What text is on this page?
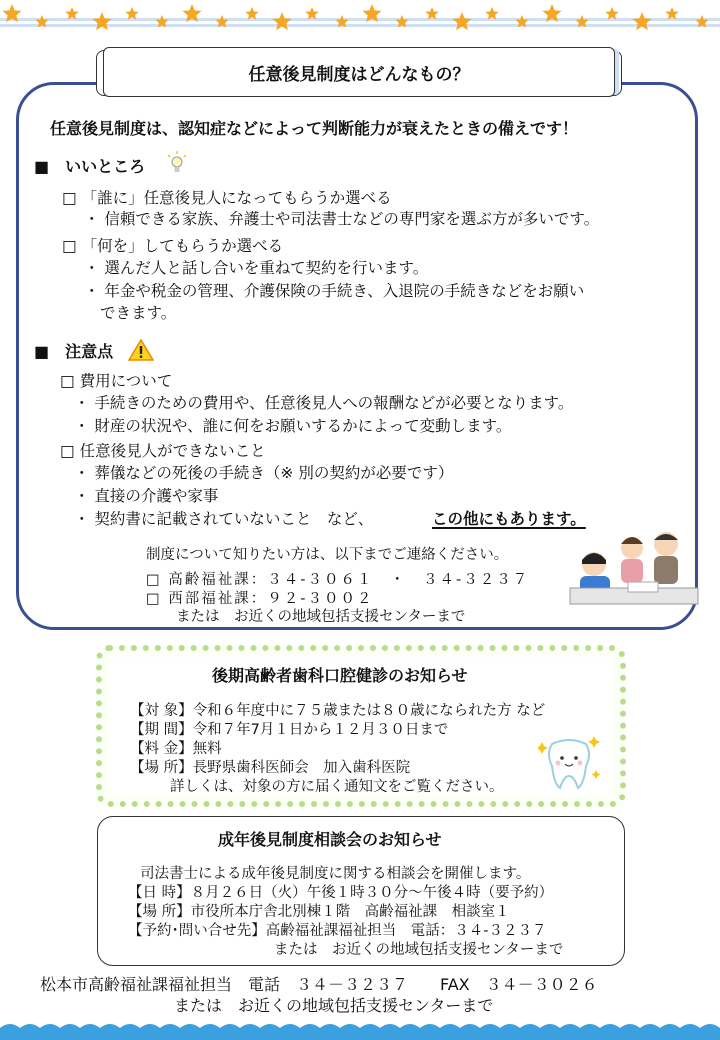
任意後見制度はどんなもの？
任意後見制度は、認知症などによって判断能力が衰えたときの備えです！
■　いいところ
□ 「誰に」任意後見人になってもらうか選べる
・ 信頼できる家族、弁護士や司法書士などの専門家を選ぶ方が多いです。
□ 「何を」してもらうか選べる
・ 選んだ人と話し合いを重ねて契約を行います。
・ 年金や税金の管理、介護保険の手続き、入退院の手続きなどをお願い
できます。
■　注意点
□ 費用について
・ 手続きのための費用や、任意後見人への報酬などが必要となります。
・ 財産の状況や、誰に何をお願いするかによって変動します。
□ 任意後見人ができないこと
・ 葬儀などの死後の手続き（※ 別の契約が必要です）
・ 直接の介護や家事
・ 契約書に記載されていないこと　など、	この他にもあります。
制度について知りたい方は、以下までご連絡ください。
□ 高齢福祉課：３４-３０６１　・　３４-３２３７
□ 西部福祉課：９２-３００２
または　お近くの地域包括支援センターまで
後期高齢者歯科口腔健診のお知らせ
【対 象】令和６年度中に７５歳または８０歳になられた方 など
【期 間】令和７年7月１日から１２月３０日まで
【料 金】無料
【場 所】長野県歯科医師会　加入歯科医院
詳しくは、対象の方に届く通知文をご覧ください。
成年後見制度相談会のお知らせ
司法書士による成年後見制度に関する相談会を開催します。
【日 時】８月２６日（火）午後１時３０分～午後４時（要予約）
【場 所】市役所本庁舎北別棟１階　高齢福祉課　相談室１
【予約･問い合せ先】高齢福祉課福祉担当　電話：３４-３２３７
または　お近くの地域包括支援センターまで
松本市高齢福祉課福祉担当　電話　３４－３２３７　　FAX　３４－３０２６
または　お近くの地域包括支援センターまで
